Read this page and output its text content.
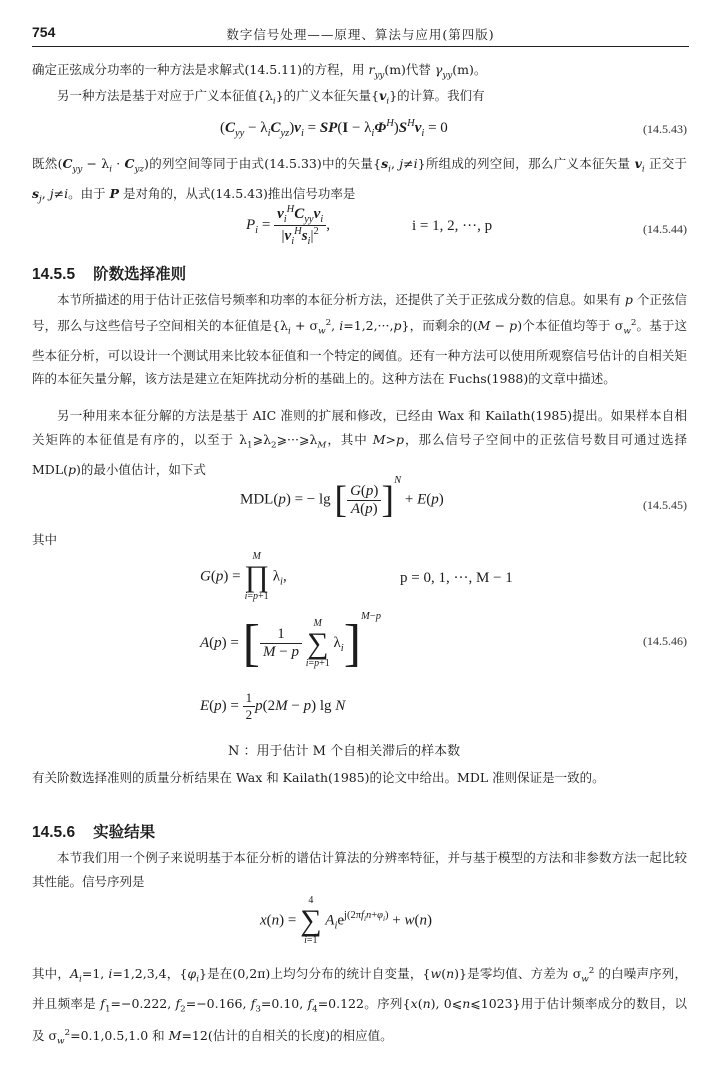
754	数字信号处理——原理、算法与应用(第四版)

确定正弦成分功率的一种方法是求解式(14.5.11)的方程，用 $r_{yy}(m)$代替 $\gamma_{yy}(m)$。

另一种方法是基于对应于广义本征值$\{\lambda_i\}$的广义本征矢量$\{v_i\}$的计算。我们有

$(C_{yy} - \lambda_iC_{yz})v_i = SP(I - \lambda_i\Phi^H)S^Hv_i = 0$	(14.5.43)

既然$(C_{yy} - \lambda_i \cdot C_{yz})$的列空间等同于由式(14.5.33)中的矢量{$s_i$, j≠i}所组成的列空间，那么广义本征矢量 $v_i$ 正交于 $s_j$, j≠i。由于 P 是对角的，从式(14.5.43)推出信号功率是

$P_i = \frac{v_i^HC_{yy}v_i}{|v_i^Hs_i|^2}$ ,	i = 1, 2, ···, p	(14.5.44)
14.5.5 阶数选择准则

本节所描述的用于估计正弦信号频率和功率的本征分析方法，还提供了关于正弦成分数的信息。如果有 p 个正弦信号，那么与这些信号子空间相关的本征值是{$\lambda_i + \sigma_w^2$, i=1,2,···,p}，而剩余的(M − p)个本征值均等于 $\sigma_w^2$。基于这些本征分析，可以设计一个测试用来比较本征值和一个特定的阈值。还有一种方法可以使用所观察信号估计的自相关矩阵的本征矢量分解，该方法是建立在矩阵扰动分析的基础上的。这种方法在 Fuchs(1988)的文章中描述。

另一种用来本征分解的方法是基于 AIC 准则的扩展和修改，已经由 Wax 和 Kailath(1985)提出。如果样本自相关矩阵的本征值是有序的，以至于 $\lambda_1⩾\lambda_2⩾\cdot\cdot\cdot⩾\lambda_M$，其中 M>p，那么信号子空间中的正弦信号数目可通过选择 MDL(p)的最小值估计，如下式

MDL(p) = − lg [ $\frac{G(p)}{A(p)} ]^N + E(p)$	(14.5.45)

其中

G(p) =
M
∏
i=p+1
$\lambda_i$,	p = 0, 1, ···, M − 1
A(p) = [ $\frac{1}{M - p}$

M
∑
i=p+1
$\lambda_i]^{M-p}$
(14.5.46)
$E(p) = \frac{1}{2} p(2M - p)$ lg N
N ：用于估计 M 个自相关滞后的样本数

有关阶数选择准则的质量分析结果在 Wax 和 Kailath(1985)的论文中给出。MDL 准则保证是一致的。

14.5.6 实验结果

本节我们用一个例子来说明基于本征分析的谱估计算法的分辨率特征，并与基于模型的方法和非参数方法一起比较其性能。信号序列是

x(n) =
4
∑
i=1
$A_ie^{j(2\pi f_in+\varphi_i)} + w(n)$

其中，$A_i=1$, i=1,2,3,4，$\{\varphi_i\}$是在(0,2π)上均匀分布的统计自变量，{w(n)}是零均值、方差为 $\sigma_w^2$ 的白噪声序列，并且频率是 $f_1=-0.222$, $f_2=-0.166$, $f_3=0.10$, $f_4=0.122$。序列{x(n), 0⩽n⩽1023}用于估计频率成分的数目，以及 $\sigma_w^2=0.1,0.5,1.0$ 和 M=12(估计的自相关的长度)的相应值。
